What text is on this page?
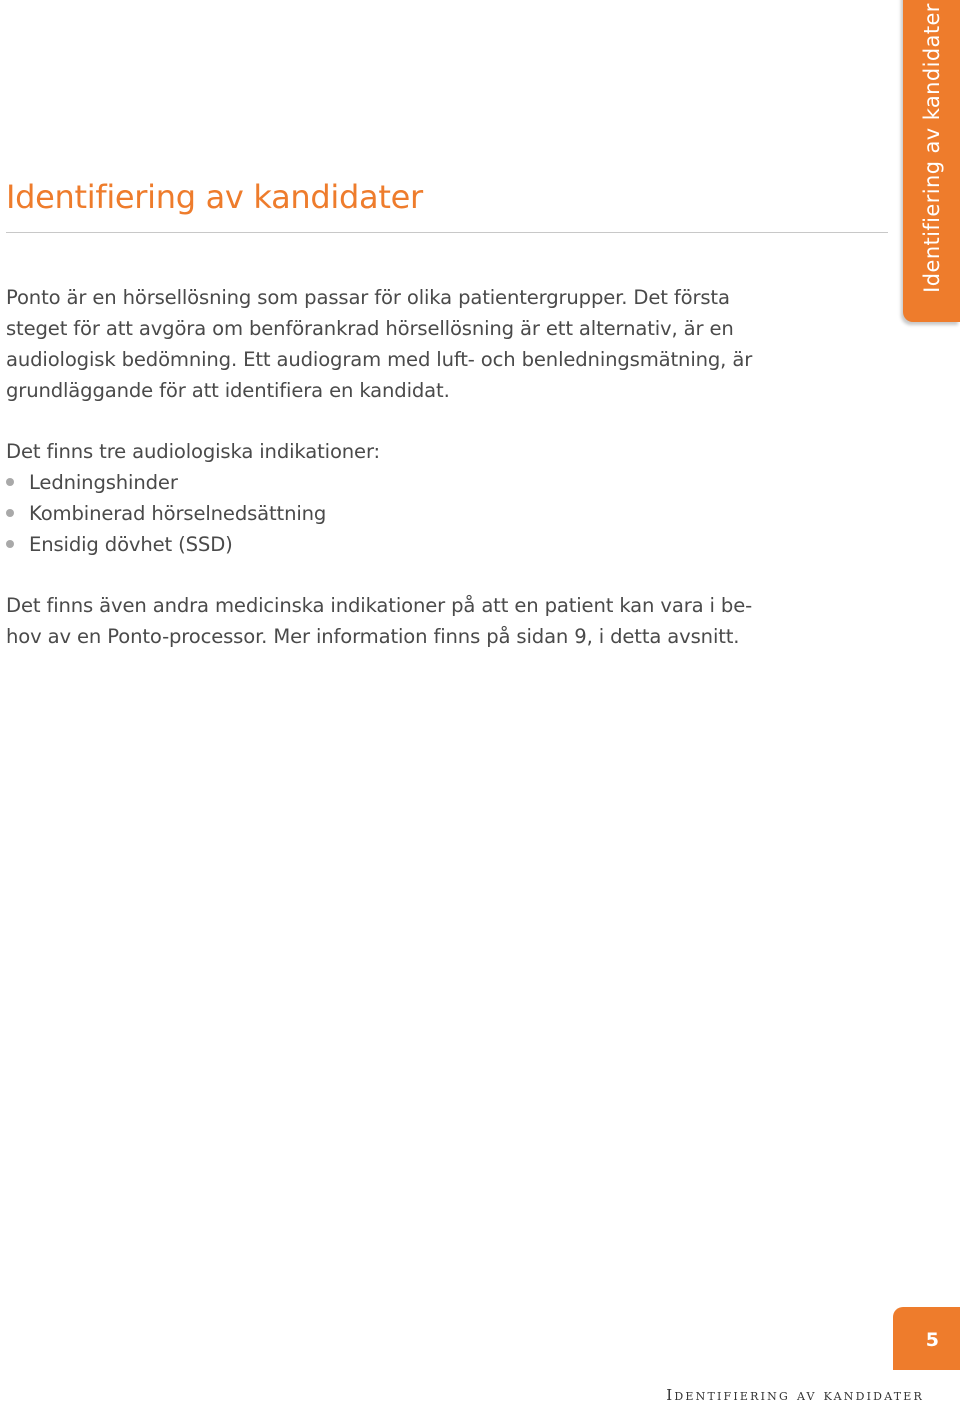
Identifiering av kandidater
Identifiering av kandidater

Ponto är en hörsellösning som passar för olika patientergrupper. Det första
steget för att avgöra om benförankrad hörsellösning är ett alternativ, är en
audiologisk bedömning. Ett audiogram med luft- och benledningsmätning, är
grundläggande för att identifiera en kandidat.

Det finns tre audiologiska indikationer:

Ledningshinder
Kombinerad hörselnedsättning
Ensidig dövhet (SSD)

Det finns även andra medicinska indikationer på att en patient kan vara i be-
hov av en Ponto-processor. Mer information finns på sidan 9, i detta avsnitt.

5
Identifiering av kandidater
